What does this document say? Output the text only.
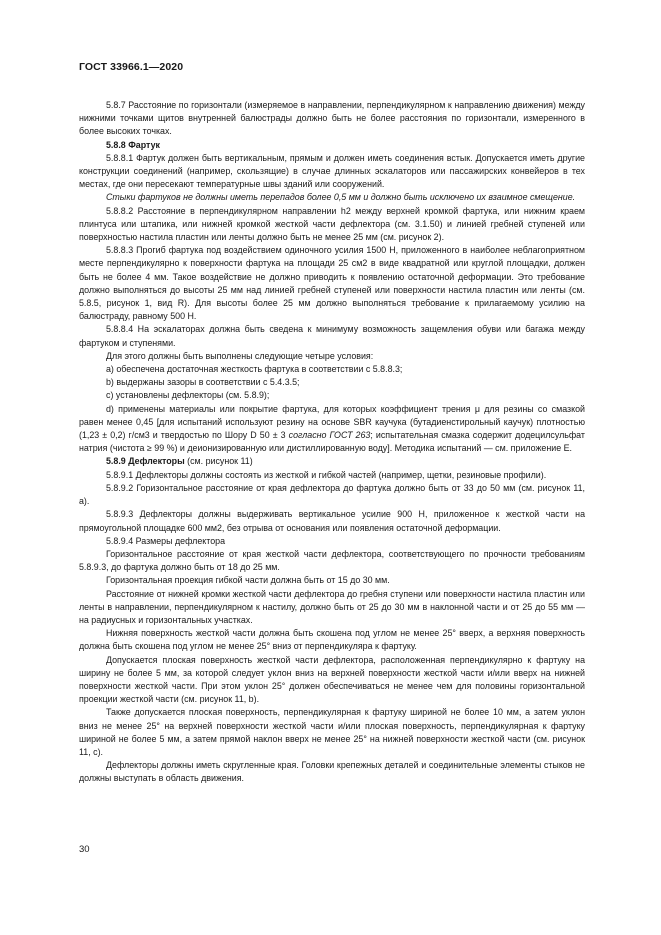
ГОСТ 33966.1—2020

5.8.7 Расстояние по горизонтали (измеряемое в направлении, перпендикулярном к направлению движения) между нижними точками щитов внутренней балюстрады должно быть не более расстояния по горизонтали, измеренного в более высоких точках.

5.8.8 Фартук

5.8.8.1 Фартук должен быть вертикальным, прямым и должен иметь соединения встык. Допускается иметь другие конструкции соединений (например, скользящие) в случае длинных эскалаторов или пассажирских конвейеров в тех местах, где они пересекают температурные швы зданий или сооружений.

Стыки фартуков не должны иметь перепадов более 0,5 мм и должно быть исключено их взаимное смещение.

5.8.8.2 Расстояние в перпендикулярном направлении h2 между верхней кромкой фартука, или нижним краем плинтуса или штапика, или нижней кромкой жесткой части дефлектора (см. 3.1.50) и линией гребней ступеней или поверхностью настила пластин или ленты должно быть не менее 25 мм (см. рисунок 2).

5.8.8.3 Прогиб фартука под воздействием одиночного усилия 1500 Н, приложенного в наиболее неблагоприятном месте перпендикулярно к поверхности фартука на площади 25 см2 в виде квадратной или круглой площадки, должен быть не более 4 мм. Такое воздействие не должно приводить к появлению остаточной деформации. Это требование должно выполняться до высоты 25 мм над линией гребней ступеней или поверхности настила пластин или ленты (см. 5.8.5, рисунок 1, вид R). Для высоты более 25 мм должно выполняться требование к прилагаемому усилию на балюстраду, равному 500 Н.

5.8.8.4 На эскалаторах должна быть сведена к минимуму возможность защемления обуви или багажа между фартуком и ступенями.

Для этого должны быть выполнены следующие четыре условия:

а) обеспечена достаточная жесткость фартука в соответствии с 5.8.8.3;

b) выдержаны зазоры в соответствии с 5.4.3.5;

c) установлены дефлекторы (см. 5.8.9);

d) применены материалы или покрытие фартука, для которых коэффициент трения μ для резины со смазкой равен менее 0,45 [для испытаний используют резину на основе SBR каучука (бутадиенстирольный каучук) плотностью (1,23 ± 0,2) г/см3 и твердостью по Шору D 50 ± 3 согласно ГОСТ 263; испытательная смазка содержит додецилсульфат натрия (чистота ≥ 99 %) и деионизированную или дистиллированную воду]. Методика испытаний — см. приложение Е.

5.8.9 Дефлекторы (см. рисунок 11)

5.8.9.1 Дефлекторы должны состоять из жесткой и гибкой частей (например, щетки, резиновые профили).

5.8.9.2 Горизонтальное расстояние от края дефлектора до фартука должно быть от 33 до 50 мм (см. рисунок 11, а).

5.8.9.3 Дефлекторы должны выдерживать вертикальное усилие 900 Н, приложенное к жесткой части на прямоугольной площадке 600 мм2, без отрыва от основания или появления остаточной деформации.

5.8.9.4 Размеры дефлектора

Горизонтальное расстояние от края жесткой части дефлектора, соответствующего по прочности требованиям 5.8.9.3, до фартука должно быть от 18 до 25 мм.

Горизонтальная проекция гибкой части должна быть от 15 до 30 мм.

Расстояние от нижней кромки жесткой части дефлектора до гребня ступени или поверхности настила пластин или ленты в направлении, перпендикулярном к настилу, должно быть от 25 до 30 мм в наклонной части и от 25 до 55 мм — на радиусных и горизонтальных участках.

Нижняя поверхность жесткой части должна быть скошена под углом не менее 25° вверх, а верхняя поверхность должна быть скошена под углом не менее 25° вниз от перпендикуляра к фартуку.

Допускается плоская поверхность жесткой части дефлектора, расположенная перпендикулярно к фартуку на ширину не более 5 мм, за которой следует уклон вниз на верхней поверхности жесткой части и/или вверх на нижней поверхности жесткой части. При этом уклон 25° должен обеспечиваться не менее чем для половины горизонтальной проекции жесткой части (см. рисунок 11, b).

Также допускается плоская поверхность, перпендикулярная к фартуку шириной не более 10 мм, а затем уклон вниз не менее 25° на верхней поверхности жесткой части и/или плоская поверхность, перпендикулярная к фартуку шириной не более 5 мм, а затем прямой наклон вверх не менее 25° на нижней поверхности жесткой части (см. рисунок 11, с).

Дефлекторы должны иметь скругленные края. Головки крепежных деталей и соединительные элементы стыков не должны выступать в область движения.

30
